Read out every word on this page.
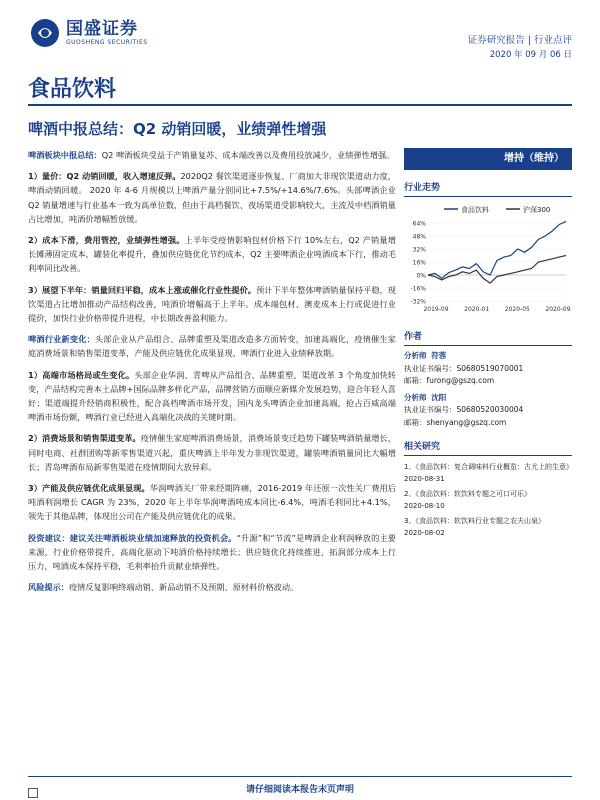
国盛证券
GUOSHENG SECURITIES	证券研究报告 | 行业点评
2020 年 09 月 06 日
食品饮料
啤酒中报总结：Q2 动销回暖，业绩弹性增强

啤酒板块中报总结：Q2 啤酒板块受益于产销量复苏、成本端改善以及费用投放减少，业绩弹性增强。

1）量价：Q2 动销回暖，收入增速反弹。2020Q2 餐饮渠道逐步恢复、厂商加大非现饮渠道动力度，啤酒动销回暖。 2020 年 4-6 月规模以上啤酒产量分别同比+7.5%/+14.6%/7.6%。头部啤酒企业 Q2 销量增速与行业基本一致为高单位数，但由于高档餐饮、夜场渠道受影响较大，主流及中档酒销量占比增加，吨酒价增幅暂放缓。

2）成本下滑，费用管控，业绩弹性增强。上半年受疫情影响包材价格下行 10%左右，Q2 产销量增长摊薄固定成本，罐装化率提升，叠加供应链优化节约成本，Q2 主要啤酒企业吨酒成本下行，推动毛利率同比改善。

3）展望下半年：销量回归平稳，成本上涨或催化行业性提价。预计下半年整体啤酒销量保持平稳，现饮渠道占比增加推动产品结构改善，吨酒价增幅高于上半年。成本端包材、澳麦成本上行或促进行业提价，加快行业价格带提升进程，中长期改善盈利能力。

啤酒行业新变化：头部企业从产品组合、品牌重塑及渠道改造多方面转变，加速高端化，疫情催生家庭消费场景和销售渠道变革，产能及供应链优化成果显现，啤酒行业进入业绩释放期。

1）高端市场格局或生变化。头部企业华润、青啤从产品组合、品牌重塑、渠道改革 3 个角度加快转变，产品结构完善本土品牌+国际品牌多样化产品，品牌营销方面顺应新媒介发展趋势，迎合年轻人喜好；渠道端提升经销商积极性，配合高档啤酒市场开发，国内龙头啤酒企业加速高端，抢占百威高端啤酒市场份额，啤酒行业已经进入高端化决战的关键时期。

2）消费场景和销售渠道变革。疫情催生家庭啤酒消费场景，消费场景变迁趋势下罐装啤酒销量增长，同时电商、社群团购等新零售渠道兴起，重庆啤酒上半年发力非现饮渠道，罐装啤酒销量同比大幅增长；青岛啤酒布局新零售渠道在疫情期间大放异彩。

3）产能及供应链优化成果显现。华润啤酒关厂带来经期阵痛，2016-2019 年还原一次性关厂费用后吨酒利润增长 CAGR 为 23%，2020 年上半年华润啤酒吨成本同比-6.4%，吨酒毛利同比+4.1%，领先于其他品牌，体现出公司在产能及供应链优化的成果。

投资建议：建议关注啤酒板块业绩加速释放的投资机会。“升源”和“节流”是啤酒企业利润释放的主要来源，行业价格带提升，高端化驱动下吨酒价格持续增长；供应链优化持续推进，拓润部分成本上行压力，吨酒成本保持平稳，毛利率抬升贡献业绩弹性。

风险提示：疫情反复影响终端动销、新品动销不及预期、原材料价格波动。

增持（维持）
行业走势
食品饮料	沪深300
64%
48%
32%
16%
0%
-16%
-32%
2019-09	2020-01	2020-05	2020-09
作者
分析师 符蓉
执业证书编号：S0680519070001
邮箱：furong@gszq.com
分析师 沈阳
执业证书编号：S0680520030004
邮箱：shenyang@gszq.com
相关研究
1、《食品饮料：复合调味料行业概览：古尤上的生意》
2020-08-31
2、《食品饮料：软饮料专题之可口可乐》
2020-08-10
3、《食品饮料：软饮料行业专题之农夫山泉》
2020-08-02
请仔细阅读本报告末页声明
